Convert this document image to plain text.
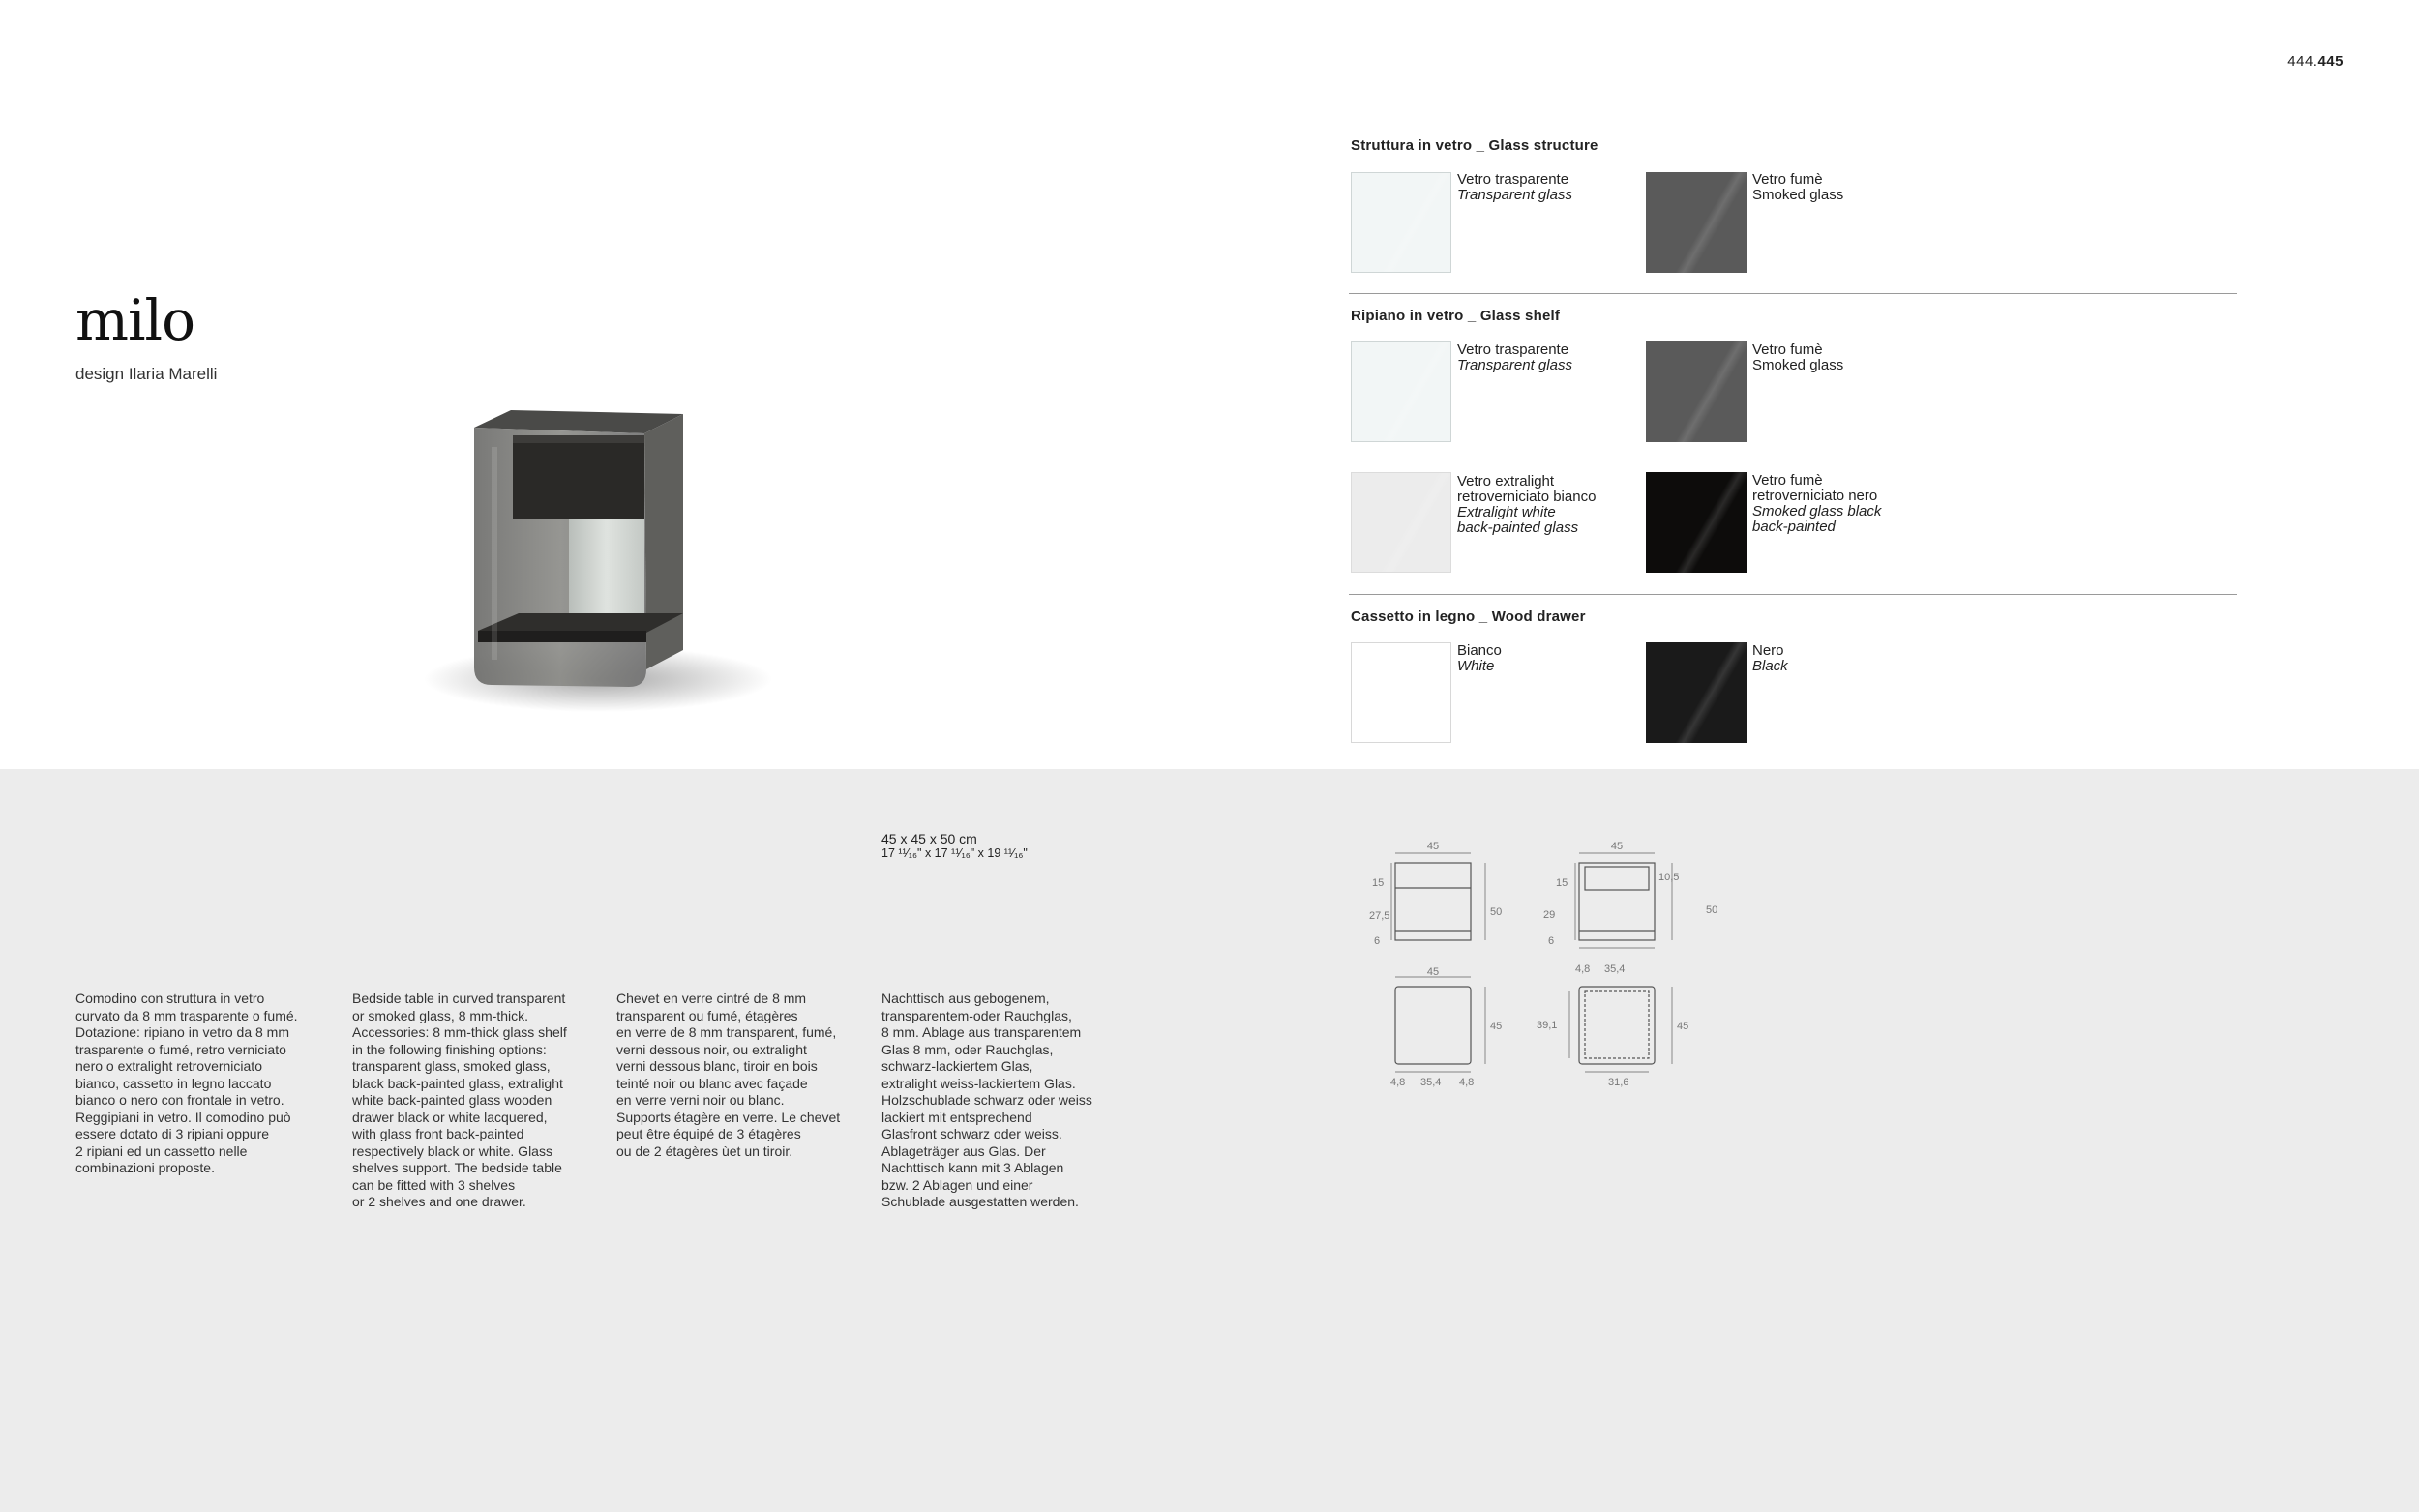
444.445
milo
design Ilaria Marelli
Struttura in vetro _ Glass structure
Vetro trasparente
Transparent glass
Vetro fumè
Smoked glass
Ripiano in vetro _ Glass shelf
Vetro trasparente
Transparent glass
Vetro fumè
Smoked glass
Vetro extralight
retroverniciato bianco
Extralight white
back-painted glass
Vetro fumè
retroverniciato nero
Smoked glass black
back-painted
Cassetto in legno _ Wood drawer
Bianco
White
Nero
Black
45 x 45 x 50 cm
17 ¹¹⁄₁₆" x 17 ¹¹⁄₁₆" x 19 ¹¹⁄₁₆"
Comodino con struttura in vetro
curvato da 8 mm trasparente o fumé.
Dotazione: ripiano in vetro da 8 mm
trasparente o fumé, retro verniciato
nero o extralight retroverniciato
bianco, cassetto in legno laccato
bianco o nero con frontale in vetro.
Reggipiani in vetro. Il comodino può
essere dotato di 3 ripiani oppure
2 ripiani ed un cassetto nelle
combinazioni proposte.
Bedside table in curved transparent
or smoked glass, 8 mm-thick.
Accessories: 8 mm-thick glass shelf
in the following finishing options:
transparent glass, smoked glass,
black back-painted glass, extralight
white back-painted glass wooden
drawer black or white lacquered,
with glass front back-painted
respectively black or white. Glass
shelves support. The bedside table
can be fitted with 3 shelves
or 2 shelves and one drawer.
Chevet en verre cintré de 8 mm
transparent ou fumé, étagères
en verre de 8 mm transparent, fumé,
verni dessous noir, ou extralight
verni dessous blanc, tiroir en bois
teinté noir ou blanc avec façade
en verre verni noir ou blanc.
Supports étagère en verre. Le chevet
peut être équipé de 3 étagères
ou de 2 étagères ùet un tiroir.
Nachttisch aus gebogenem,
transparentem-oder Rauchglas,
8 mm. Ablage aus transparentem
Glas 8 mm, oder Rauchglas,
schwarz-lackiertem Glas,
extralight weiss-lackiertem Glas.
Holzschublade schwarz oder weiss
lackiert mit entsprechend
Glasfront schwarz oder weiss.
Ablageträger aus Glas. Der
Nachttisch kann mit 3 Ablagen
bzw. 2 Ablagen und einer
Schublade ausgestatten werden.
45
15
27,5
6
50
45
15
29
6
10,5
50
4,8 35,4
45
45
4,8 35,4 4,8
39,1	45
31,6
